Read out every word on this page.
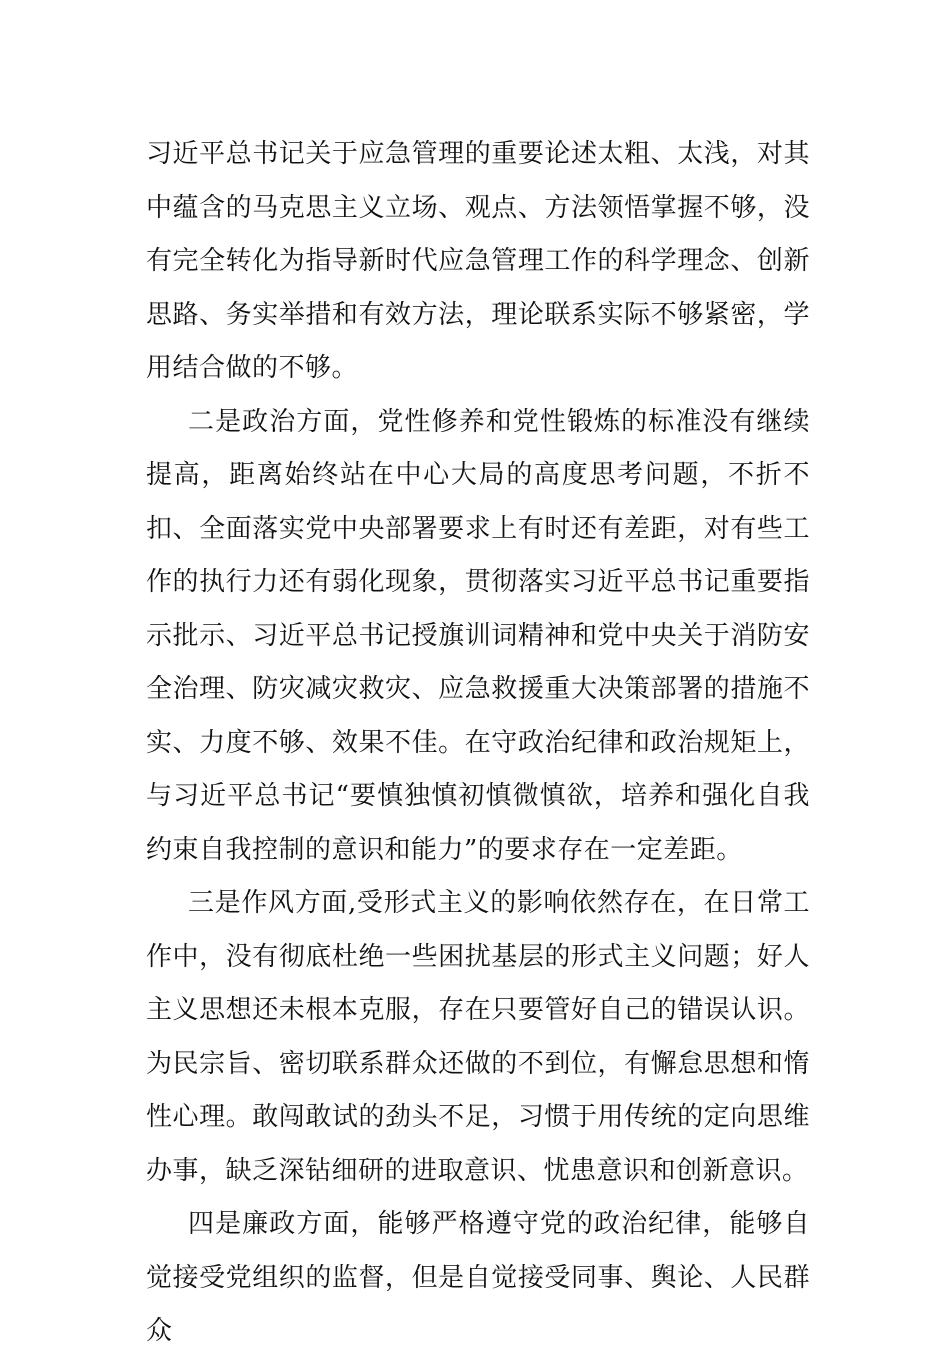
习近平总书记关于应急管理的重要论述太粗、太浅，对其中蕴含的马克思主义立场、观点、方法领悟掌握不够，没有完全转化为指导新时代应急管理工作的科学理念、创新思路、务实举措和有效方法，理论联系实际不够紧密，学用结合做的不够。

二是政治方面，党性修养和党性锻炼的标准没有继续提高，距离始终站在中心大局的高度思考问题，不折不扣、全面落实党中央部署要求上有时还有差距，对有些工作的执行力还有弱化现象，贯彻落实习近平总书记重要指示批示、习近平总书记授旗训词精神和党中央关于消防安全治理、防灾减灾救灾、应急救援重大决策部署的措施不实、力度不够、效果不佳。在守政治纪律和政治规矩上，与习近平总书记“要慎独慎初慎微慎欲，培养和强化自我约束自我控制的意识和能力”的要求存在一定差距。

三是作风方面,受形式主义的影响依然存在，在日常工作中，没有彻底杜绝一些困扰基层的形式主义问题；好人主义思想还未根本克服，存在只要管好自己的错误认识。为民宗旨、密切联系群众还做的不到位，有懈怠思想和惰性心理。敢闯敢试的劲头不足，习惯于用传统的定向思维办事，缺乏深钻细研的进取意识、忧患意识和创新意识。

四是廉政方面，能够严格遵守党的政治纪律，能够自觉接受党组织的监督，但是自觉接受同事、舆论、人民群众
